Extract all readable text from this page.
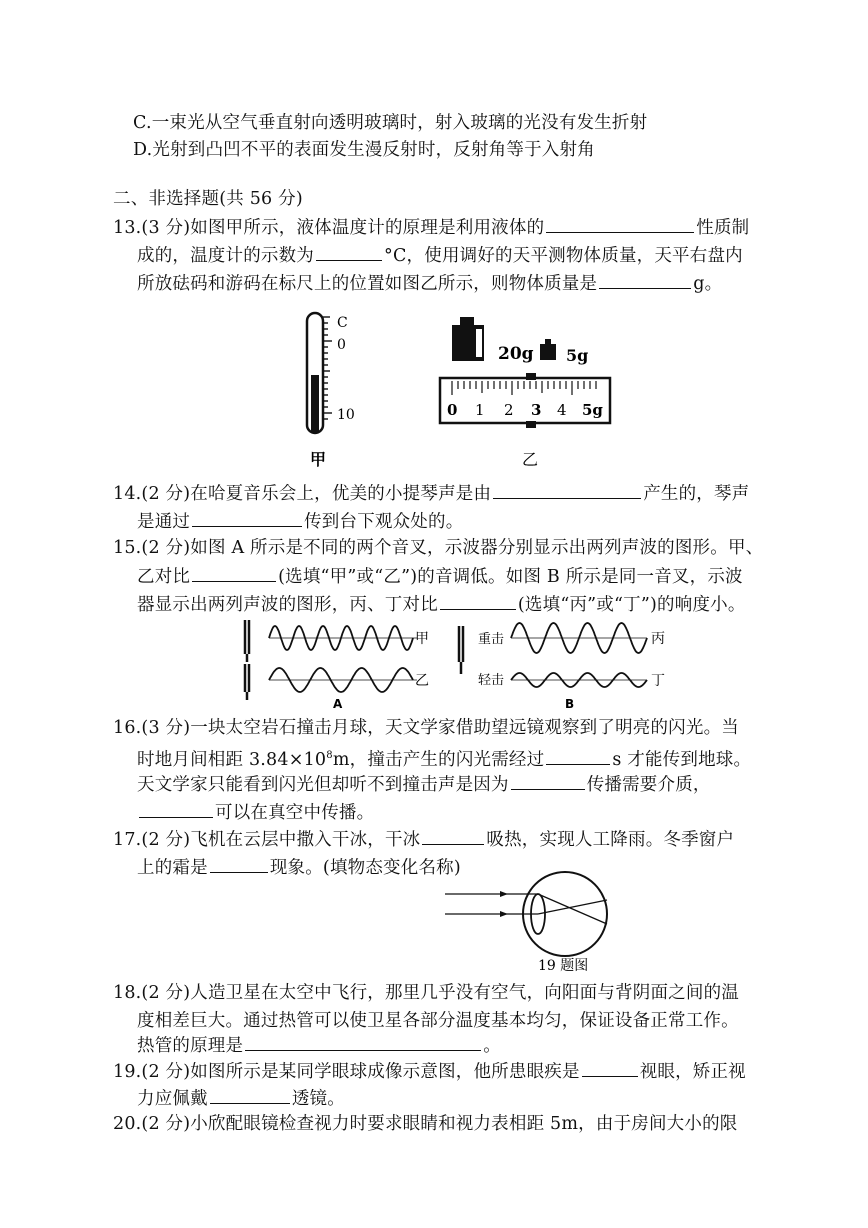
C.一束光从空气垂直射向透明玻璃时，射入玻璃的光没有发生折射
D.光射到凸凹不平的表面发生漫反射时，反射角等于入射角
二、非选择题(共 56 分)
13.(3 分)如图甲所示，液体温度计的原理是利用液体的	性质制
成的，温度计的示数为	°C，使用调好的天平测物体质量，天平右盘内
所放砝码和游码在标尺上的位置如图乙所示，则物体质量是	g。
C
0
10
甲
20g 5g
0 1 2 3 4 5g
乙
14.(2 分)在哈夏音乐会上，优美的小提琴声是由	产生的，琴声
是通过	传到台下观众处的。
15.(2 分)如图 A 所示是不同的两个音叉，示波器分别显示出两列声波的图形。甲、
乙对比	(选填“甲”或“乙”)的音调低。如图 B 所示是同一音叉，示波
器显示出两列声波的图形，丙、丁对比	(选填“丙”或“丁”)的响度小。
甲
乙
A
重击
轻击
丙
丁
B
16.(3 分)一块太空岩石撞击月球，天文学家借助望远镜观察到了明亮的闪光。当
时地月间相距 $3.84\times 10^8m$，撞击产生的闪光需经过	s 才能传到地球。
天文学家只能看到闪光但却听不到撞击声是因为	传播需要介质，
可以在真空中传播。
17.(2 分)飞机在云层中撒入干冰，干冰	吸热，实现人工降雨。冬季窗户
上的霜是	现象。(填物态变化名称)
19 题图
18.(2 分)人造卫星在太空中飞行，那里几乎没有空气，向阳面与背阴面之间的温
度相差巨大。通过热管可以使卫星各部分温度基本均匀，保证设备正常工作。
热管的原理是	。
19.(2 分)如图所示是某同学眼球成像示意图，他所患眼疾是	视眼，矫正视
力应佩戴	透镜。
20.(2 分)小欣配眼镜检查视力时要求眼睛和视力表相距 5m，由于房间大小的限
